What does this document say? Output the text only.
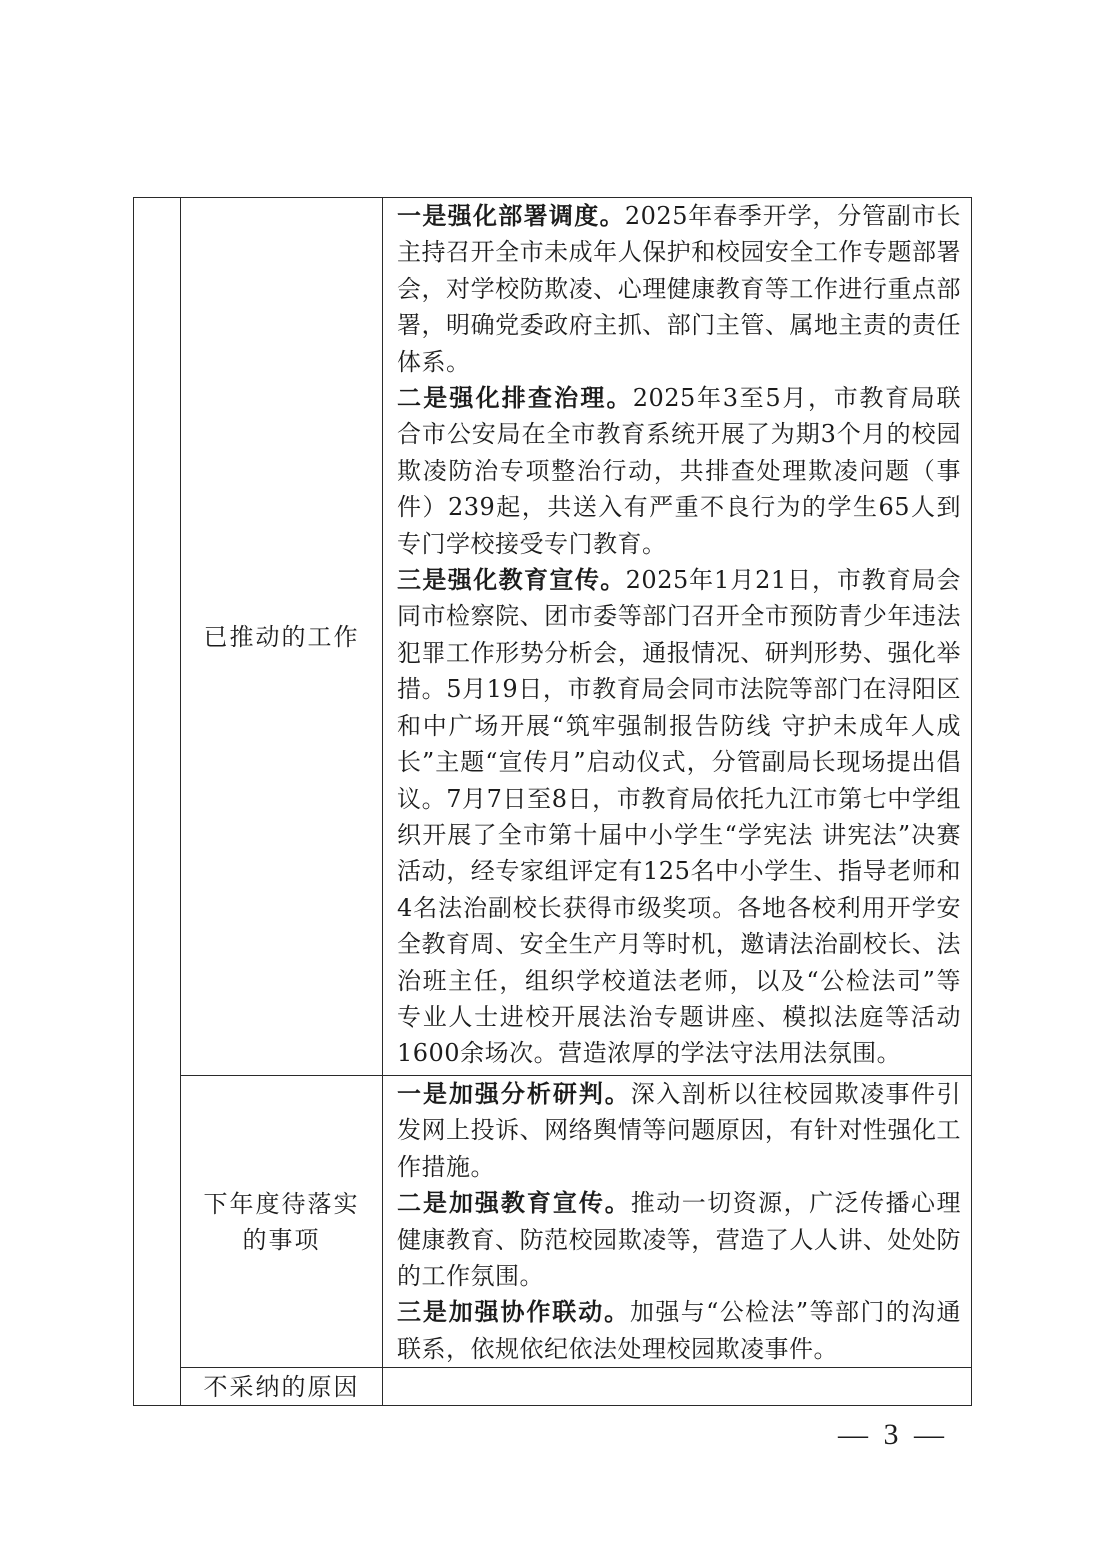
	已推动的工作	一是强化部署调度。2025年春季开学，分管副市长主持召开全市未成年人保护和校园安全工作专题部署会，对学校防欺凌、心理健康教育等工作进行重点部署，明确党委政府主抓、部门主管、属地主责的责任体系。

二是强化排查治理。2025年3至5月，市教育局联合市公安局在全市教育系统开展了为期3个月的校园欺凌防治专项整治行动，共排查处理欺凌问题（事件）239起，共送入有严重不良行为的学生65人到专门学校接受专门教育。

三是强化教育宣传。2025年1月21日，市教育局会同市检察院、团市委等部门召开全市预防青少年违法犯罪工作形势分析会，通报情况、研判形势、强化举措。5月19日，市教育局会同市法院等部门在浔阳区和中广场开展“筑牢强制报告防线 守护未成年人成长”主题“宣传月”启动仪式，分管副局长现场提出倡议。7月7日至8日，市教育局依托九江市第七中学组织开展了全市第十届中小学生“学宪法 讲宪法”决赛活动，经专家组评定有125名中小学生、指导老师和4名法治副校长获得市级奖项。各地各校利用开学安全教育周、安全生产月等时机，邀请法治副校长、法治班主任，组织学校道法老师，以及“公检法司”等专业人士进校开展法治专题讲座、模拟法庭等活动1600余场次。营造浓厚的学法守法用法氛围。

	下年度待落实的事项	一是加强分析研判。深入剖析以往校园欺凌事件引发网上投诉、网络舆情等问题原因，有针对性强化工作措施。

二是加强教育宣传。推动一切资源，广泛传播心理健康教育、防范校园欺凌等，营造了人人讲、处处防的工作氛围。

三是加强协作联动。加强与“公检法”等部门的沟通联系，依规依纪依法处理校园欺凌事件。

	不采纳的原因	
— 3 —
